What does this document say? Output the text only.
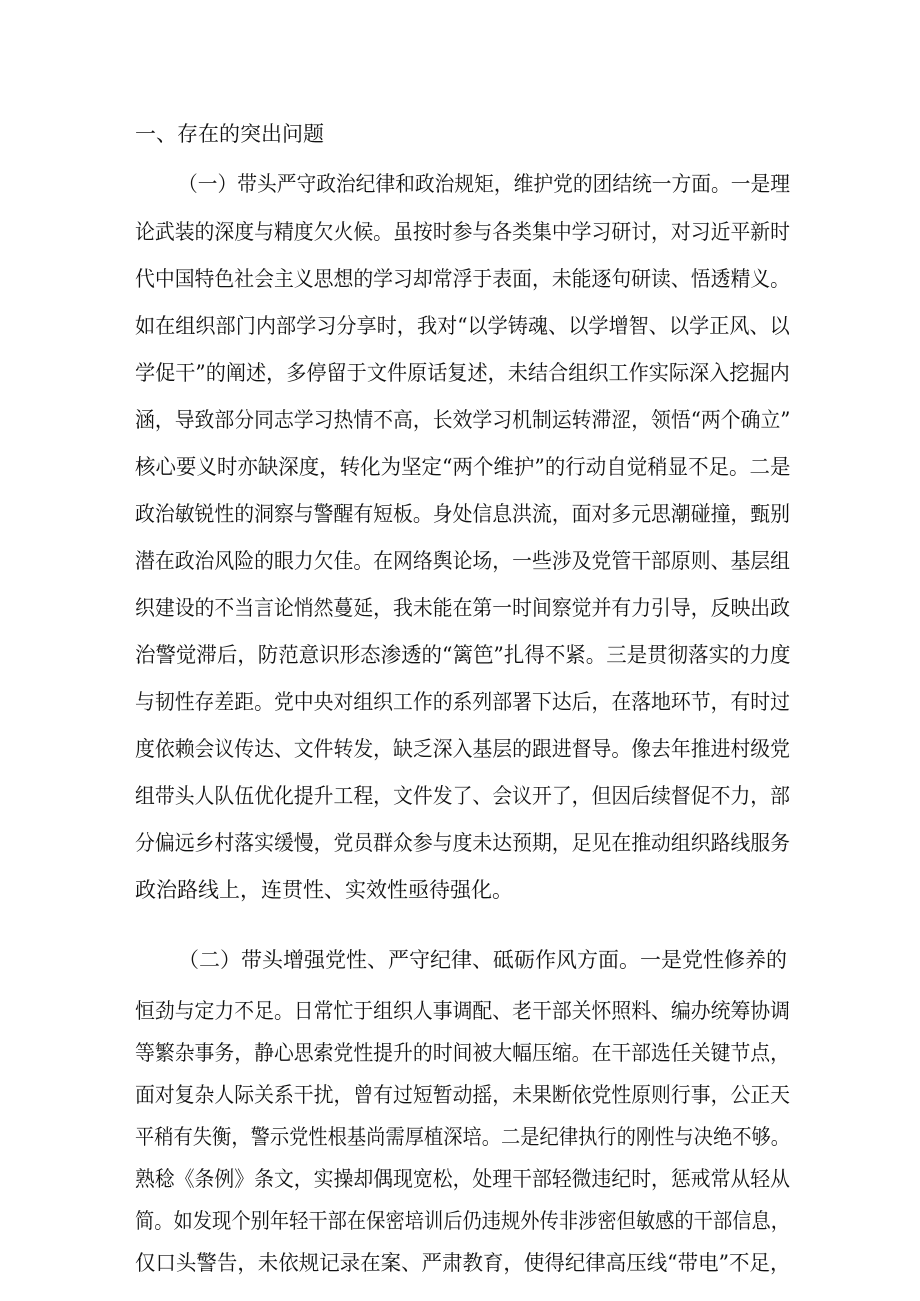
一、存在的突出问题
（一）带头严守政治纪律和政治规矩，维护党的团结统一方面。一是理
论武装的深度与精度欠火候。虽按时参与各类集中学习研讨，对习近平新时
代中国特色社会主义思想的学习却常浮于表面，未能逐句研读、悟透精义。
如在组织部门内部学习分享时，我对“以学铸魂、以学增智、以学正风、以
学促干”的阐述，多停留于文件原话复述，未结合组织工作实际深入挖掘内
涵，导致部分同志学习热情不高，长效学习机制运转滞涩，领悟“两个确立”
核心要义时亦缺深度，转化为坚定“两个维护”的行动自觉稍显不足。二是
政治敏锐性的洞察与警醒有短板。身处信息洪流，面对多元思潮碰撞，甄别
潜在政治风险的眼力欠佳。在网络舆论场，一些涉及党管干部原则、基层组
织建设的不当言论悄然蔓延，我未能在第一时间察觉并有力引导，反映出政
治警觉滞后，防范意识形态渗透的“篱笆”扎得不紧。三是贯彻落实的力度
与韧性存差距。党中央对组织工作的系列部署下达后，在落地环节，有时过
度依赖会议传达、文件转发，缺乏深入基层的跟进督导。像去年推进村级党
组带头人队伍优化提升工程，文件发了、会议开了，但因后续督促不力，部
分偏远乡村落实缓慢，党员群众参与度未达预期，足见在推动组织路线服务
政治路线上，连贯性、实效性亟待强化。
（二）带头增强党性、严守纪律、砥砺作风方面。一是党性修养的
恒劲与定力不足。日常忙于组织人事调配、老干部关怀照料、编办统筹协调
等繁杂事务，静心思索党性提升的时间被大幅压缩。在干部选任关键节点，
面对复杂人际关系干扰，曾有过短暂动摇，未果断依党性原则行事，公正天
平稍有失衡，警示党性根基尚需厚植深培。二是纪律执行的刚性与决绝不够。
熟稔《条例》条文，实操却偶现宽松，处理干部轻微违纪时，惩戒常从轻从
简。如发现个别年轻干部在保密培训后仍违规外传非涉密但敏感的干部信息，
仅口头警告，未依规记录在案、严肃教育，使得纪律高压线“带电”不足，
